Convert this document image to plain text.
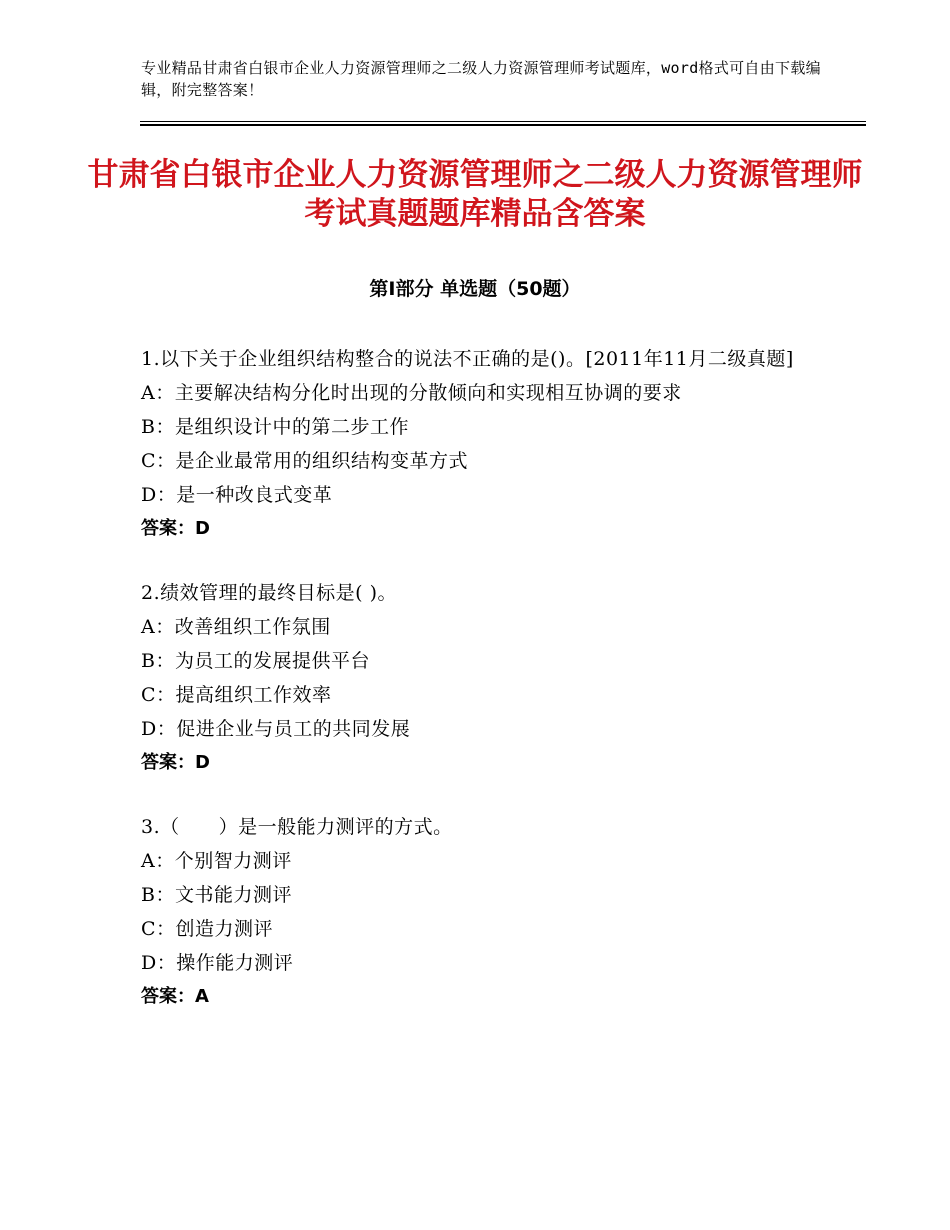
专业精品甘肃省白银市企业人力资源管理师之二级人力资源管理师考试题库，word格式可自由下载编辑，附完整答案！
甘肃省白银市企业人力资源管理师之二级人力资源管理师考试真题题库精品含答案
第Ⅰ部分 单选题（50题）
1.以下关于企业组织结构整合的说法不正确的是()。[2011年11月二级真题]
A：主要解决结构分化时出现的分散倾向和实现相互协调的要求
B：是组织设计中的第二步工作
C：是企业最常用的组织结构变革方式
D：是一种改良式变革
答案：D
2.绩效管理的最终目标是( )。
A：改善组织工作氛围
B：为员工的发展提供平台
C：提高组织工作效率
D：促进企业与员工的共同发展
答案：D
3.（　　）是一般能力测评的方式。
A：个别智力测评
B：文书能力测评
C：创造力测评
D：操作能力测评
答案：A
